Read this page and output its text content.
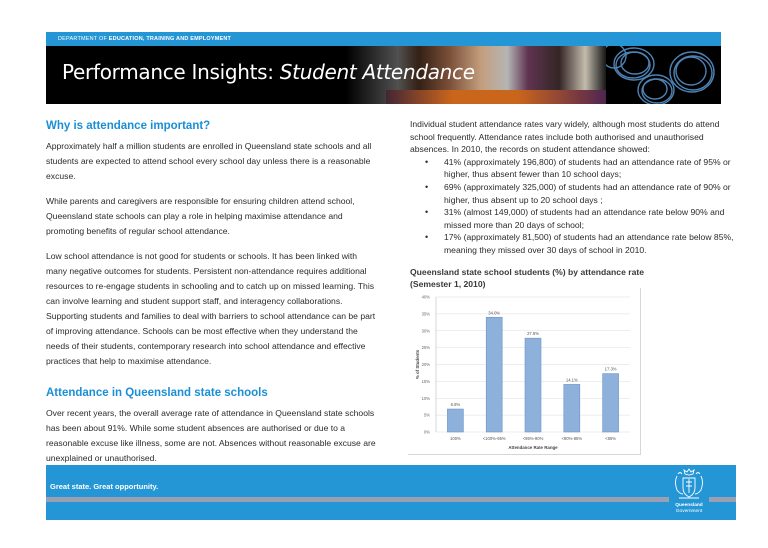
DEPARTMENT OF EDUCATION, TRAINING AND EMPLOYMENT
Performance Insights: Student Attendance
Why is attendance important?

Approximately half a million students are enrolled in Queensland state schools and all students are expected to attend school every school day unless there is a reasonable excuse.

While parents and caregivers are responsible for ensuring children attend school, Queensland state schools can play a role in helping maximise attendance and promoting benefits of regular school attendance.

Low school attendance is not good for students or schools. It has been linked with many negative outcomes for students. Persistent non-attendance requires additional resources to re-engage students in schooling and to catch up on missed learning. This can involve learning and student support staff, and interagency collaborations. Supporting students and families to deal with barriers to school attendance can be part of improving attendance. Schools can be most effective when they understand the needs of their students, contemporary research into school attendance and effective practices that help to maximise attendance.

Attendance in Queensland state schools

Over recent years, the overall average rate of attendance in Queensland state schools has been about 91%. While some student absences are authorised or due to a reasonable excuse like illness, some are not. Absences without reasonable excuse are unexplained or unauthorised.

Individual student attendance rates vary widely, although most students do attend school frequently. Attendance rates include both authorised and unauthorised absences. In 2010, the records on student attendance showed:

• 41% (approximately 196,800) of students had an attendance rate of 95% or higher, thus absent fewer than 10 school days;
• 69% (approximately 325,000) of students had an attendance rate of 90% or higher, thus absent up to 20 school days ;
• 31% (almost 149,000) of students had an attendance rate below 90% and missed more than 20 days of school;
• 17% (approximately 81,500) of students had an attendance rate below 85%, meaning they missed over 30 days of school in 2010.
Queensland state school students (%) by attendance rate
(Semester 1, 2010)
0%
5%
10%
15%
20%
25%
30%
35%
40%
6.8%
100%
34.0%
<100%-95%
27.8%
<95%-90%
14.1%
<90%-85%
17.3%
<85%
Attendance Rate Range
% of Students
Great state. Great opportunity.
Queensland
Government
